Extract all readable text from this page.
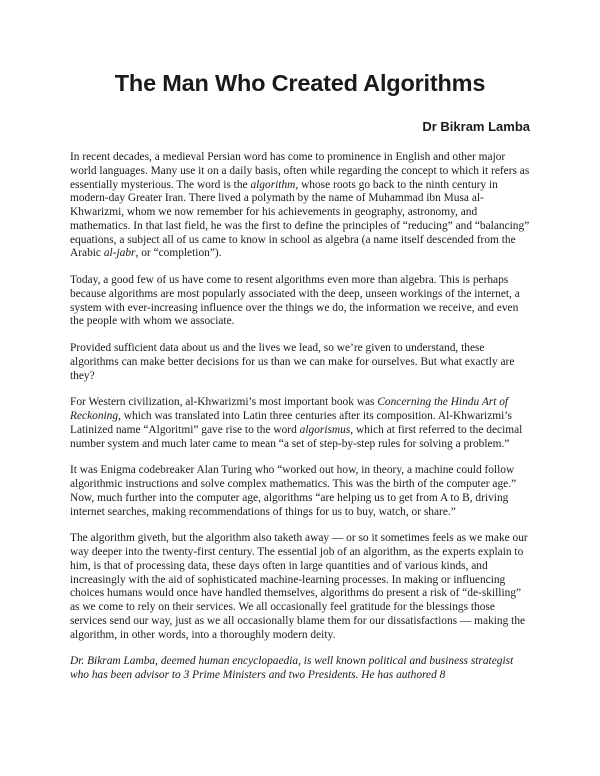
The Man Who Created Algorithms
Dr Bikram Lamba

In recent decades, a medieval Persian word has come to prominence in English and other major world languages. Many use it on a daily basis, often while regarding the concept to which it refers as essentially mysterious. The word is the algorithm, whose roots go back to the ninth century in modern-day Greater Iran. There lived a polymath by the name of Muhammad ibn Musa al-Khwarizmi, whom we now remember for his achievements in geography, astronomy, and mathematics. In that last field, he was the first to define the principles of “reducing” and “balancing” equations, a subject all of us came to know in school as algebra (a name itself descended from the Arabic al-jabr, or “completion”).

Today, a good few of us have come to resent algorithms even more than algebra. This is perhaps because algorithms are most popularly associated with the deep, unseen workings of the internet, a system with ever-increasing influence over the things we do, the information we receive, and even the people with whom we associate.

Provided sufficient data about us and the lives we lead, so we’re given to understand, these algorithms can make better decisions for us than we can make for ourselves. But what exactly are they?

For Western civilization, al-Khwarizmi’s most important book was Concerning the Hindu Art of Reckoning, which was translated into Latin three centuries after its composition. Al-Khwarizmi’s Latinized name “Algoritmi” gave rise to the word algorismus, which at first referred to the decimal number system and much later came to mean “a set of step-by-step rules for solving a problem.”

It was Enigma codebreaker Alan Turing who “worked out how, in theory, a machine could follow algorithmic instructions and solve complex mathematics. This was the birth of the computer age.” Now, much further into the computer age, algorithms “are helping us to get from A to B, driving internet searches, making recommendations of things for us to buy, watch, or share.”

The algorithm giveth, but the algorithm also taketh away — or so it sometimes feels as we make our way deeper into the twenty-first century. The essential job of an algorithm, as the experts explain to him, is that of processing data, these days often in large quantities and of various kinds, and increasingly with the aid of sophisticated machine-learning processes. In making or influencing choices humans would once have handled themselves, algorithms do present a risk of “de-skilling” as we come to rely on their services. We all occasionally feel gratitude for the blessings those services send our way, just as we all occasionally blame them for our dissatisfactions — making the algorithm, in other words, into a thoroughly modern deity.

Dr. Bikram Lamba, deemed human encyclopaedia, is well known political and business strategist who has been advisor to 3 Prime Ministers and two Presidents. He has authored 8
